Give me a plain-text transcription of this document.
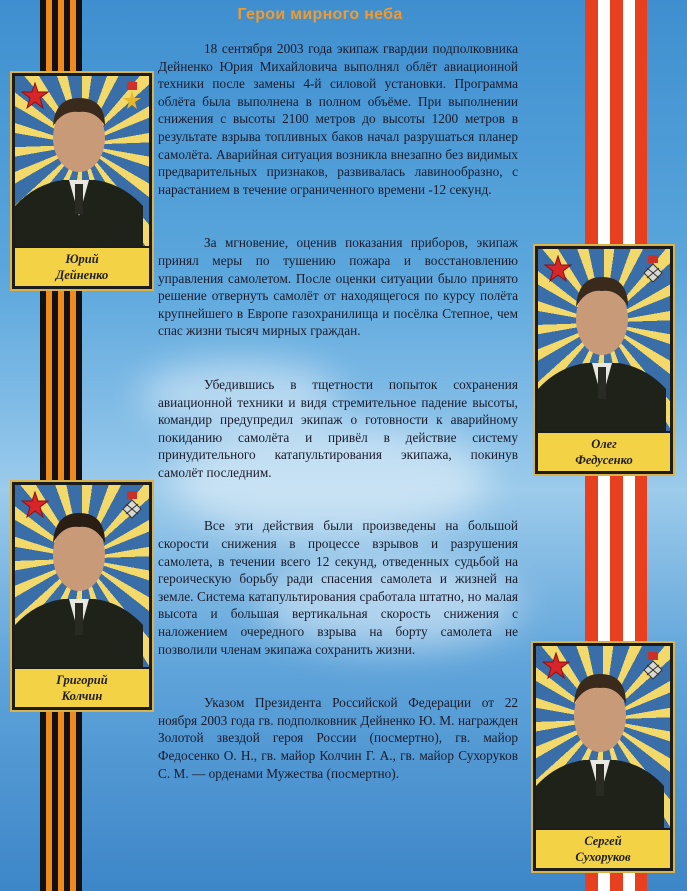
Герои мирного неба

18 сентября 2003 года экипаж гвардии подполковника Дейненко Юрия Михайловича выполнял облёт авиационной техники после замены 4-й силовой установки. Программа облёта была выполнена в полном объёме. При выполнении снижения с высоты 2100 метров до высоты 1200 метров в результате взрыва топливных баков начал разрушаться планер самолёта. Аварийная ситуация возникла внезапно без видимых предварительных признаков, развивалась лавинообразно, с нарастанием в течение ограниченного времени -12 секунд.

За мгновение, оценив показания приборов, экипаж принял меры по тушению пожара и восстановлению управления самолетом. После оценки ситуации было принято решение отвернуть самолёт от находящегося по курсу полёта крупнейшего в Европе газохранилища и посёлка Степное, чем спас жизни тысяч мирных граждан.

Убедившись в тщетности попыток сохранения авиационной техники и видя стремительное падение высоты, командир предупредил экипаж о готовности к аварийному покиданию самолёта и привёл в действие систему принудительного катапультирования экипажа, покинув самолёт последним.

Все эти действия были произведены на большой скорости снижения в процессе взрывов и разрушения самолета, в течении всего 12 секунд, отведенных судьбой на героическую борьбу ради спасения самолета и жизней на земле. Система катапультирования сработала штатно, но малая высота и большая вертикальная скорость снижения с наложением очередного взрыва на борту самолета не позволили членам экипажа сохранить жизни.

Указом Президента Российской Федерации от 22 ноября 2003 года гв. подполковник Дейненко Ю. М. награжден Золотой звездой героя России (посмертно), гв. майор Федосенко О. Н., гв. майор Колчин Г. А., гв. майор Сухоруков С. М. — орденами Мужества (посмертно).

Юрий
Дейненко
Олег
Федусенко
Григорий
Колчин
Сергей
Сухоруков
